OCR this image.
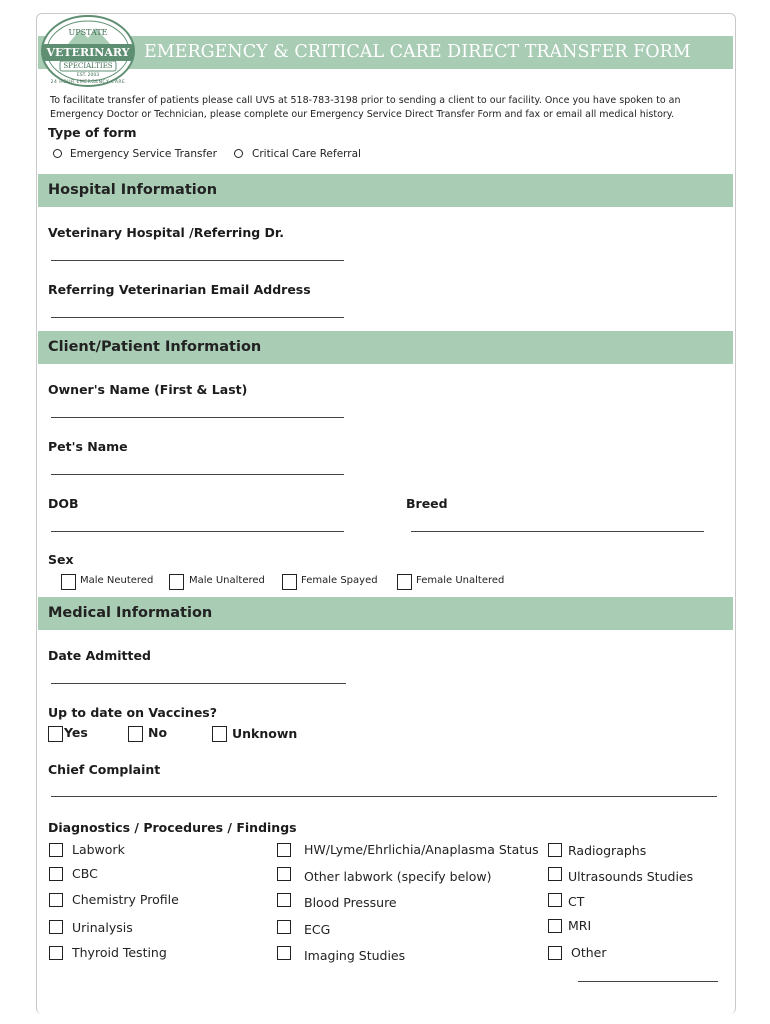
EMERGENCY & CRITICAL CARE DIRECT TRANSFER FORM
UPSTATE
VETERINARY
SPECIALTIES
EST. 2003
24 HOUR EMERGENCY CARE
To facilitate transfer of patients please call UVS at 518-783-3198 prior to sending a client to our facility. Once you have spoken to an Emergency Doctor or Technician, please complete our Emergency Service Direct Transfer Form and fax or email all medical history.
Type of form
Emergency Service Transfer	Critical Care Referral
Hospital Information
Veterinary Hospital /Referring Dr.
Referring Veterinarian Email Address
Client/Patient Information
Owner's Name (First & Last)
Pet's Name
DOB	Breed
Sex
Male Neutered	Male Unaltered	Female Spayed	Female Unaltered
Medical Information
Date Admitted
Up to date on Vaccines?
Yes	No	Unknown
Chief Complaint
Diagnostics / Procedures / Findings
Labwork
CBC
Chemistry Profile
Urinalysis
Thyroid Testing
HW/Lyme/Ehrlichia/Anaplasma Status
Other labwork (specify below)
Blood Pressure
ECG
Imaging Studies
Radiographs
Ultrasounds Studies
CT
MRI
Other
